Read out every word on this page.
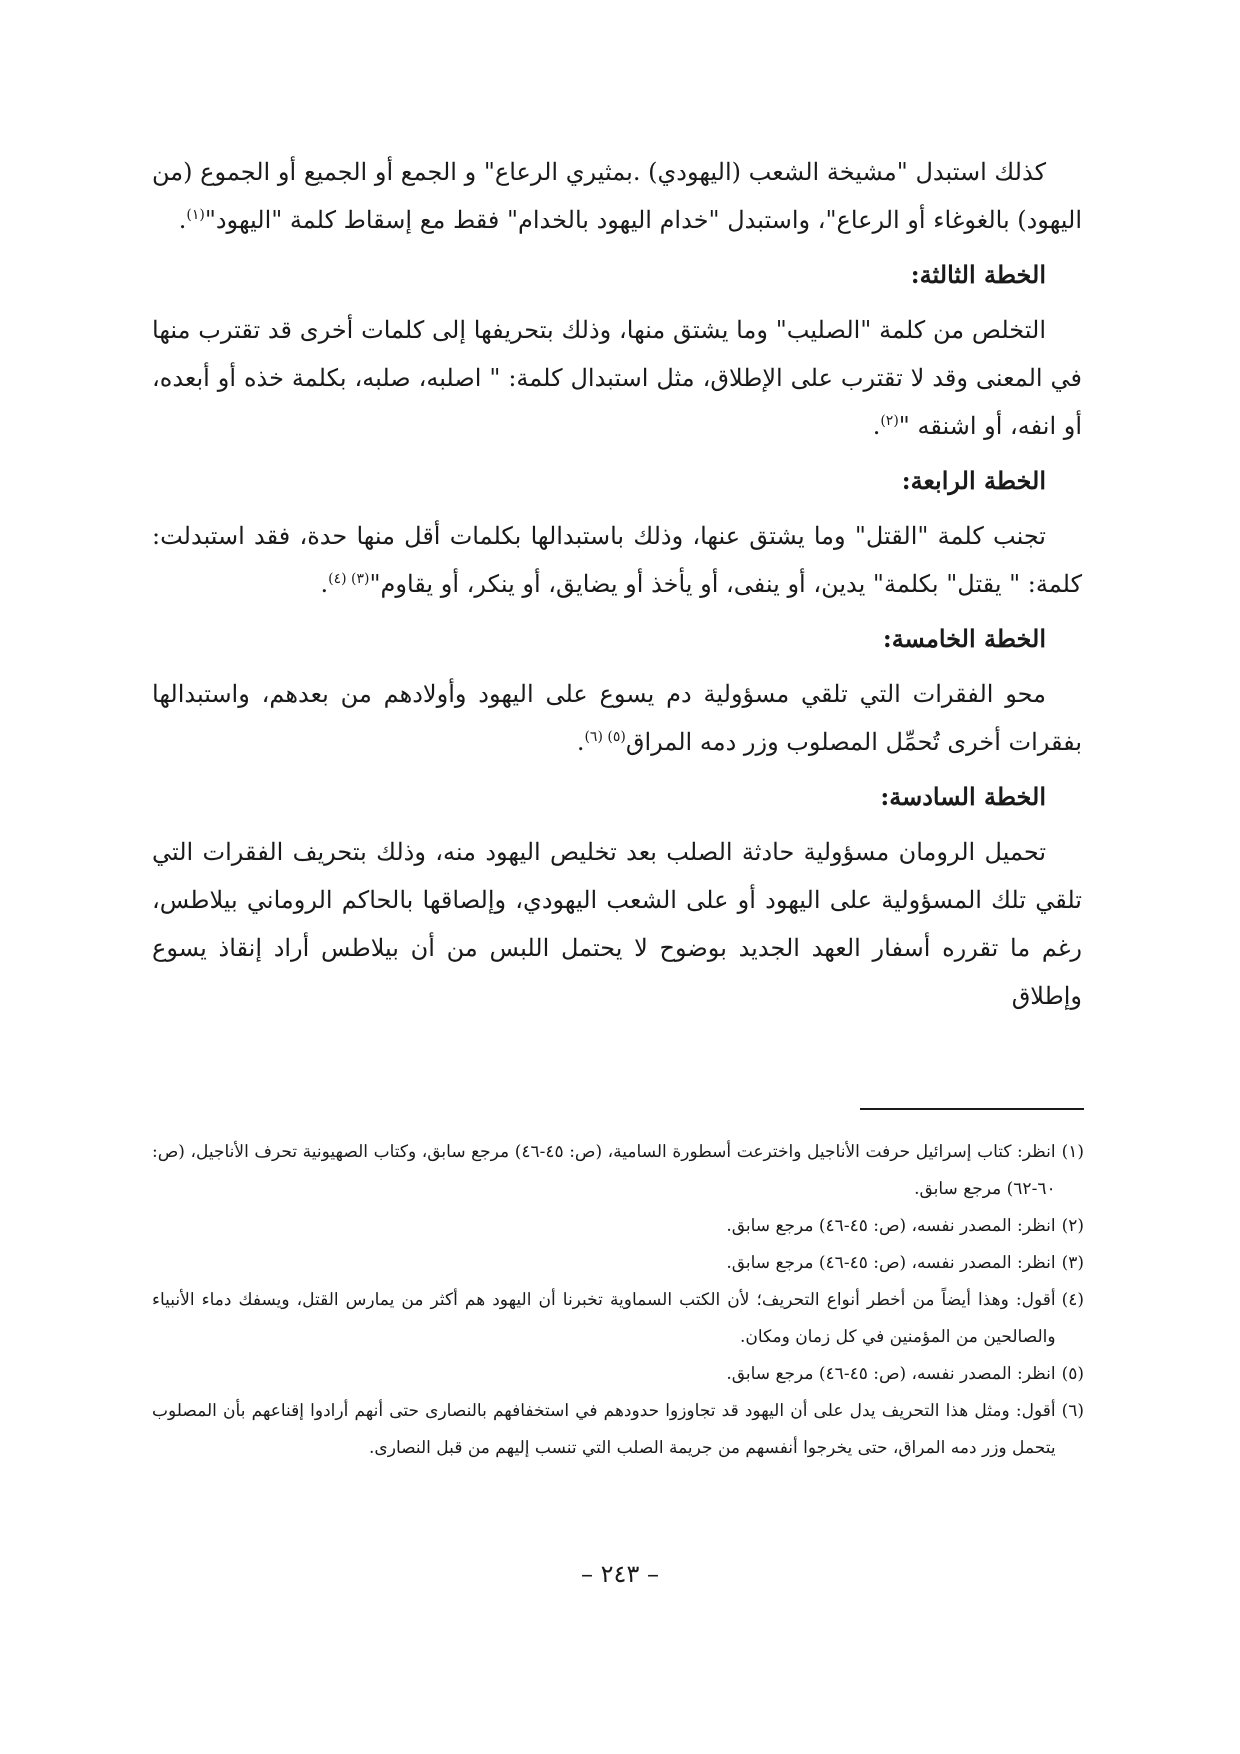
كذلك استبدل "مشيخة الشعب (اليهودي) .بمثيري الرعاع" و الجمع أو الجميع أو الجموع (من اليهود) بالغوغاء أو الرعاع"، واستبدل "خدام اليهود بالخدام" فقط مع إسقاط كلمة "اليهود"$^{(١)}$.

الخطة الثالثة:

التخلص من كلمة "الصليب" وما يشتق منها، وذلك بتحريفها إلى كلمات أخرى قد تقترب منها في المعنى وقد لا تقترب على الإطلاق، مثل استبدال كلمة: " اصلبه، صلبه، بكلمة خذه أو أبعده، أو انفه، أو اشنقه "$^{(٢)}$.

الخطة الرابعة:

تجنب كلمة "القتل" وما يشتق عنها، وذلك باستبدالها بكلمات أقل منها حدة، فقد استبدلت: كلمة: " يقتل" بكلمة" يدين، أو ينفى، أو يأخذ أو يضايق، أو ينكر، أو يقاوم"$^{(٣) (٤)}$.

الخطة الخامسة:

محو الفقرات التي تلقي مسؤولية دم يسوع على اليهود وأولادهم من بعدهم، واستبدالها بفقرات أخرى تُحمِّل المصلوب وزر دمه المراق$^{(٥) (٦)}$.

الخطة السادسة:

تحميل الرومان مسؤولية حادثة الصلب بعد تخليص اليهود منه، وذلك بتحريف الفقرات التي تلقي تلك المسؤولية على اليهود أو على الشعب اليهودي، وإلصاقها بالحاكم الروماني بيلاطس، رغم ما تقرره أسفار العهد الجديد بوضوح لا يحتمل اللبس من أن بيلاطس أراد إنقاذ يسوع وإطلاق

(١)
انظر: كتاب إسرائيل حرفت الأناجيل واخترعت أسطورة السامية، (ص: ٤٥-٤٦) مرجع سابق، وكتاب الصهيونية تحرف الأناجيل، (ص: ٦٠-٦٢) مرجع سابق.

(٢)
انظر: المصدر نفسه، (ص: ٤٥-٤٦) مرجع سابق.

(٣)
انظر: المصدر نفسه، (ص: ٤٥-٤٦) مرجع سابق.

(٤)
أقول: وهذا أيضاً من أخطر أنواع التحريف؛ لأن الكتب السماوية تخبرنا أن اليهود هم أكثر من يمارس القتل، ويسفك دماء الأنبياء والصالحين من المؤمنين في كل زمان ومكان.

(٥)
انظر: المصدر نفسه، (ص: ٤٥-٤٦) مرجع سابق.

(٦)
أقول: ومثل هذا التحريف يدل على أن اليهود قد تجاوزوا حدودهم في استخفافهم بالنصارى حتى أنهم أرادوا إقناعهم بأن المصلوب يتحمل وزر دمه المراق، حتى يخرجوا أنفسهم من جريمة الصلب التي تنسب إليهم من قبل النصارى.

– ٢٤٣ –
